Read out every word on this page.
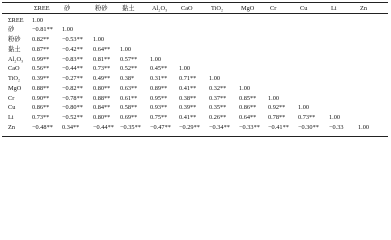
ΣREE 砂	粉砂 黏土	Al₂O₃ CaO	TiO₂	MgO Cr	Cu	Li	Zn
ΣREE 1.00
砂	−0.81** 1.00
粉砂 0.82** −0.53** 1.00
黏土 0.87** −0.42** 0.64** 1.00
Al₂O₃ 0.99** −0.83** 0.81** 0.57** 1.00
CaO 0.56** −0.44** 0.73** 0.52** 0.45** 1.00
TiO₂ 0.39** −0.27** 0.49** 0.38*	0.31** 0.71** 1.00
MgO 0.88** −0.82** 0.80** 0.63** 0.89** 0.41** 0.32** 1.00
Cr	0.90** −0.78** 0.88** 0.61** 0.95** 0.38** 0.37** 0.85** 1.00
Cu	0.86** −0.80** 0.84** 0.58** 0.93** 0.39** 0.35** 0.86** 0.92** 1.00
Li	0.73** −0.52** 0.80** 0.69** 0.75** 0.41** 0.26** 0.64** 0.78** 0.73** 1.00
Zn	−0.48** 0.34** −0.44** −0.35** −0.47** −0.29** −0.34** −0.33** −0.41** −0.30** −0.33 1.00
